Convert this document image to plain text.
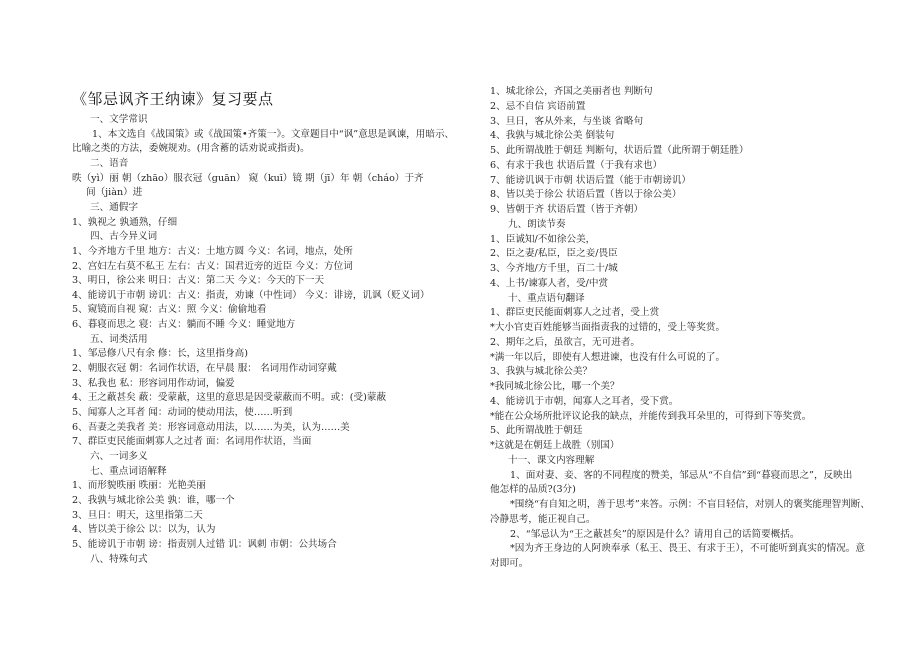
《邹忌讽齐王纳谏》复习要点
一、文学常识
1、本文选自《战国策》或《战国策•齐策一》。文章题目中“讽”意思是讽谏，用暗示、
比喻之类的方法，委婉规劝。(用含蓄的话劝说或指责)。
二、语音
昳（yì）丽 朝（zhāo）服衣冠（guān） 窥（kuī）镜 期（jī）年 朝（cháo）于齐
间（jiàn）进
三、通假字
1、孰视之 孰通熟，仔细
四、古今异义词
1、今齐地方千里 地方：古义：土地方圆 今义：名词，地点，处所
2、宫妇左右莫不私王 左右：古义：国君近旁的近臣 今义：方位词
3、明日，徐公来 明日：古义：第二天 今义：今天的下一天
4、能谤讥于市朝 谤讥：古义：指责，劝谏（中性词） 今义：诽谤，讥讽（贬义词）
5、窥镜而自视 窥：古义：照 今义：偷偷地看
6、暮寝而思之 寝：古义：躺而不睡 今义：睡觉地方
五、词类活用
1、邹忌修八尺有余 修：长，这里指身高)
2、朝服衣冠 朝：名词作状语，在早晨 服： 名词用作动词穿戴
3、私我也 私：形容词用作动词，偏爱
4、王之蔽甚矣 蔽：受蒙蔽，这里的意思是因受蒙蔽而不明。或：(受)蒙蔽
5、闻寡人之耳者 闻：动词的使动用法，使……听到
6、吾妻之美我者 美：形容词意动用法，以……为美，认为……美
7、群臣吏民能面刺寡人之过者 面：名词用作状语，当面
六、一词多义
七、重点词语解释
1、而形貌昳丽 昳丽：光艳美丽
2、我孰与城北徐公美 孰：谁，哪一个
3、旦日：明天，这里指第二天
4、皆以美于徐公 以：以为，认为
5、能谤讥于市朝 谤：指责别人过错 讥：讽刺 市朝：公共场合
八、特殊句式
1、城北徐公，齐国之美丽者也 判断句
2、忌不自信 宾语前置
3、旦日，客从外来，与坐谈 省略句
4、我孰与城北徐公美 倒装句
5、此所谓战胜于朝廷 判断句，状语后置（此所谓于朝廷胜）
6、有求于我也 状语后置（于我有求也）
7、能谤讥讽于市朝 状语后置（能于市朝谤讥）
8、皆以美于徐公 状语后置（皆以于徐公美）
9、皆朝于齐 状语后置（皆于齐朝）
九、朗读节奏
1、臣诚知/不如徐公美，
2、臣之妻/私臣，臣之妾/畏臣
3、今齐地/方千里，百二十/城
4、上书/谏寡人者，受/中赏
十、重点语句翻译
1、群臣吏民能面刺寡人之过者，受上赏
*大小官吏百姓能够当面指责我的过错的，受上等奖赏。
2、期年之后，虽欲言，无可进者。
*满一年以后，即使有人想进谏，也没有什么可说的了。
3、我孰与城北徐公美？
*我同城北徐公比，哪一个美？
4、能谤讥于市朝，闻寡人之耳者，受下赏。
*能在公众场所批评议论我的缺点，并能传到我耳朵里的，可得到下等奖赏。
5、此所谓战胜于朝廷
*这就是在朝廷上战胜（别国）
十一、课文内容理解
1、面对妻、妾、客的不同程度的赞美，邹忌从“不自信”到“暮寝而思之”，反映出
他怎样的品质?(3分)
*围绕“有自知之明，善于思考”来答。示例：不盲目轻信，对别人的褒奖能理智判断、
冷静思考，能正视自己。
2、“邹忌认为“王之蔽甚矣”的原因是什么？请用自己的话简要概括。
*因为齐王身边的人阿谀奉承（私王、畏王、有求于王），不可能听到真实的情况。意
对即可。
